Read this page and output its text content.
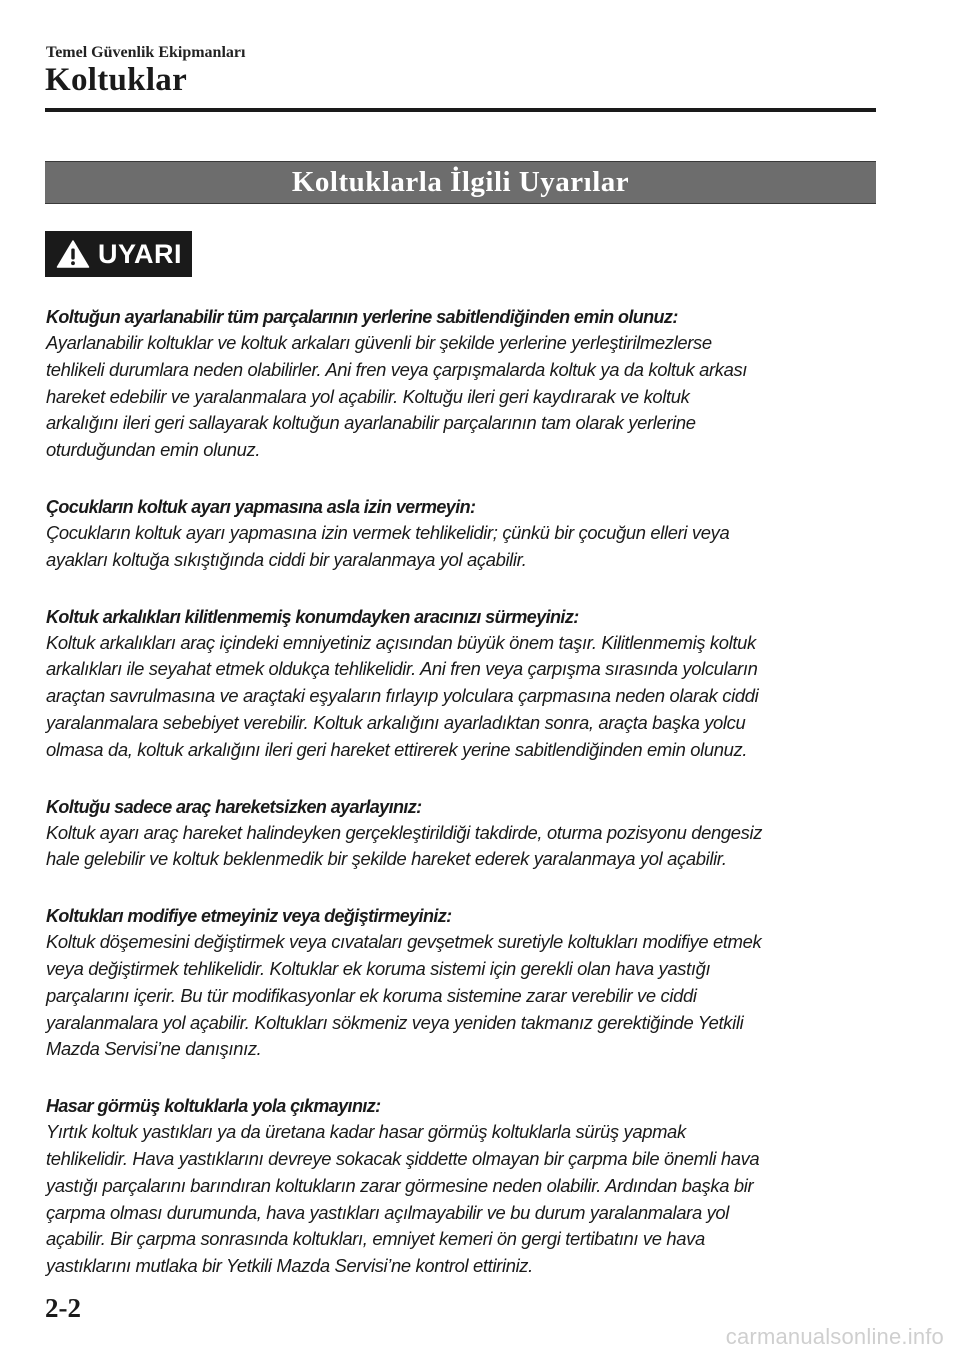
Temel Güvenlik Ekipmanları
Koltuklar
Koltuklarla İlgili Uyarılar
UYARI

Koltuğun ayarlanabilir tüm parçalarının yerlerine sabitlendiğinden emin olunuz:

Ayarlanabilir koltuklar ve koltuk arkaları güvenli bir şekilde yerlerine yerleştirilmezlerse
tehlikeli durumlara neden olabilirler. Ani fren veya çarpışmalarda koltuk ya da koltuk arkası
hareket edebilir ve yaralanmalara yol açabilir. Koltuğu ileri geri kaydırarak ve koltuk
arkalığını ileri geri sallayarak koltuğun ayarlanabilir parçalarının tam olarak yerlerine
oturduğundan emin olunuz.

Çocukların koltuk ayarı yapmasına asla izin vermeyin:

Çocukların koltuk ayarı yapmasına izin vermek tehlikelidir; çünkü bir çocuğun elleri veya
ayakları koltuğa sıkıştığında ciddi bir yaralanmaya yol açabilir.

Koltuk arkalıkları kilitlenmemiş konumdayken aracınızı sürmeyiniz:

Koltuk arkalıkları araç içindeki emniyetiniz açısından büyük önem taşır. Kilitlenmemiş koltuk
arkalıkları ile seyahat etmek oldukça tehlikelidir. Ani fren veya çarpışma sırasında yolcuların
araçtan savrulmasına ve araçtaki eşyaların fırlayıp yolculara çarpmasına neden olarak ciddi
yaralanmalara sebebiyet verebilir. Koltuk arkalığını ayarladıktan sonra, araçta başka yolcu
olmasa da, koltuk arkalığını ileri geri hareket ettirerek yerine sabitlendiğinden emin olunuz.

Koltuğu sadece araç hareketsizken ayarlayınız:

Koltuk ayarı araç hareket halindeyken gerçekleştirildiği takdirde, oturma pozisyonu dengesiz
hale gelebilir ve koltuk beklenmedik bir şekilde hareket ederek yaralanmaya yol açabilir.

Koltukları modifiye etmeyiniz veya değiştirmeyiniz:

Koltuk döşemesini değiştirmek veya cıvataları gevşetmek suretiyle koltukları modifiye etmek
veya değiştirmek tehlikelidir. Koltuklar ek koruma sistemi için gerekli olan hava yastığı
parçalarını içerir. Bu tür modifikasyonlar ek koruma sistemine zarar verebilir ve ciddi
yaralanmalara yol açabilir. Koltukları sökmeniz veya yeniden takmanız gerektiğinde Yetkili
Mazda Servisi’ne danışınız.

Hasar görmüş koltuklarla yola çıkmayınız:

Yırtık koltuk yastıkları ya da üretana kadar hasar görmüş koltuklarla sürüş yapmak
tehlikelidir. Hava yastıklarını devreye sokacak şiddette olmayan bir çarpma bile önemli hava
yastığı parçalarını barındıran koltukların zarar görmesine neden olabilir. Ardından başka bir
çarpma olması durumunda, hava yastıkları açılmayabilir ve bu durum yaralanmalara yol
açabilir. Bir çarpma sonrasında koltukları, emniyet kemeri ön gergi tertibatını ve hava
yastıklarını mutlaka bir Yetkili Mazda Servisi’ne kontrol ettiriniz.

2-2
carmanualsonline.info
